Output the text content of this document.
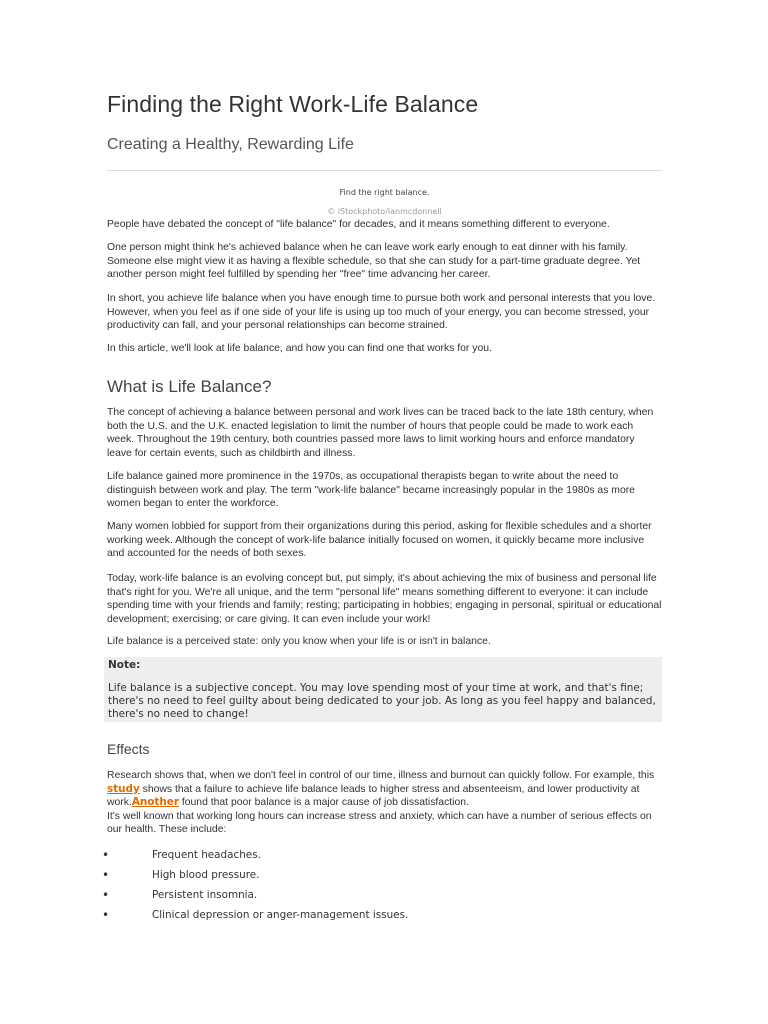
Finding the Right Work-Life Balance
Creating a Healthy, Rewarding Life
Find the right balance.
© iStockphoto/ianmcdonnell

People have debated the concept of "life balance" for decades, and it means something different to everyone.

One person might think he's achieved balance when he can leave work early enough to eat dinner with his family. Someone else might view it as having a flexible schedule, so that she can study for a part-time graduate degree. Yet another person might feel fulfilled by spending her "free" time advancing her career.

In short, you achieve life balance when you have enough time to pursue both work and personal interests that you love. However, when you feel as if one side of your life is using up too much of your energy, you can become stressed, your productivity can fall, and your personal relationships can become strained.

In this article, we'll look at life balance, and how you can find one that works for you.

What is Life Balance?

The concept of achieving a balance between personal and work lives can be traced back to the late 18th century, when both the U.S. and the U.K. enacted legislation to limit the number of hours that people could be made to work each week. Throughout the 19th century, both countries passed more laws to limit working hours and enforce mandatory leave for certain events, such as childbirth and illness.

Life balance gained more prominence in the 1970s, as occupational therapists began to write about the need to distinguish between work and play. The term "work-life balance" became increasingly popular in the 1980s as more women began to enter the workforce.

Many women lobbied for support from their organizations during this period, asking for flexible schedules and a shorter working week. Although the concept of work-life balance initially focused on women, it quickly became more inclusive and accounted for the needs of both sexes.

Today, work-life balance is an evolving concept but, put simply, it's about achieving the mix of business and personal life that's right for you. We're all unique, and the term "personal life" means something different to everyone: it can include spending time with your friends and family; resting; participating in hobbies; engaging in personal, spiritual or educational development; exercising; or care giving. It can even include your work!

Life balance is a perceived state: only you know when your life is or isn't in balance.

Note:
Life balance is a subjective concept. You may love spending most of your time at work, and that's fine; there's no need to feel guilty about being dedicated to your job. As long as you feel happy and balanced, there's no need to change!
Effects

Research shows that, when we don't feel in control of our time, illness and burnout can quickly follow. For example, this study shows that a failure to achieve life balance leads to higher stress and absenteeism, and lower productivity at work.Another found that poor balance is a major cause of job dissatisfaction.

It's well known that working long hours can increase stress and anxiety, which can have a number of serious effects on our health. These include:

•	Frequent headaches.
•	High blood pressure.
•	Persistent insomnia.
•	Clinical depression or anger-management issues.
